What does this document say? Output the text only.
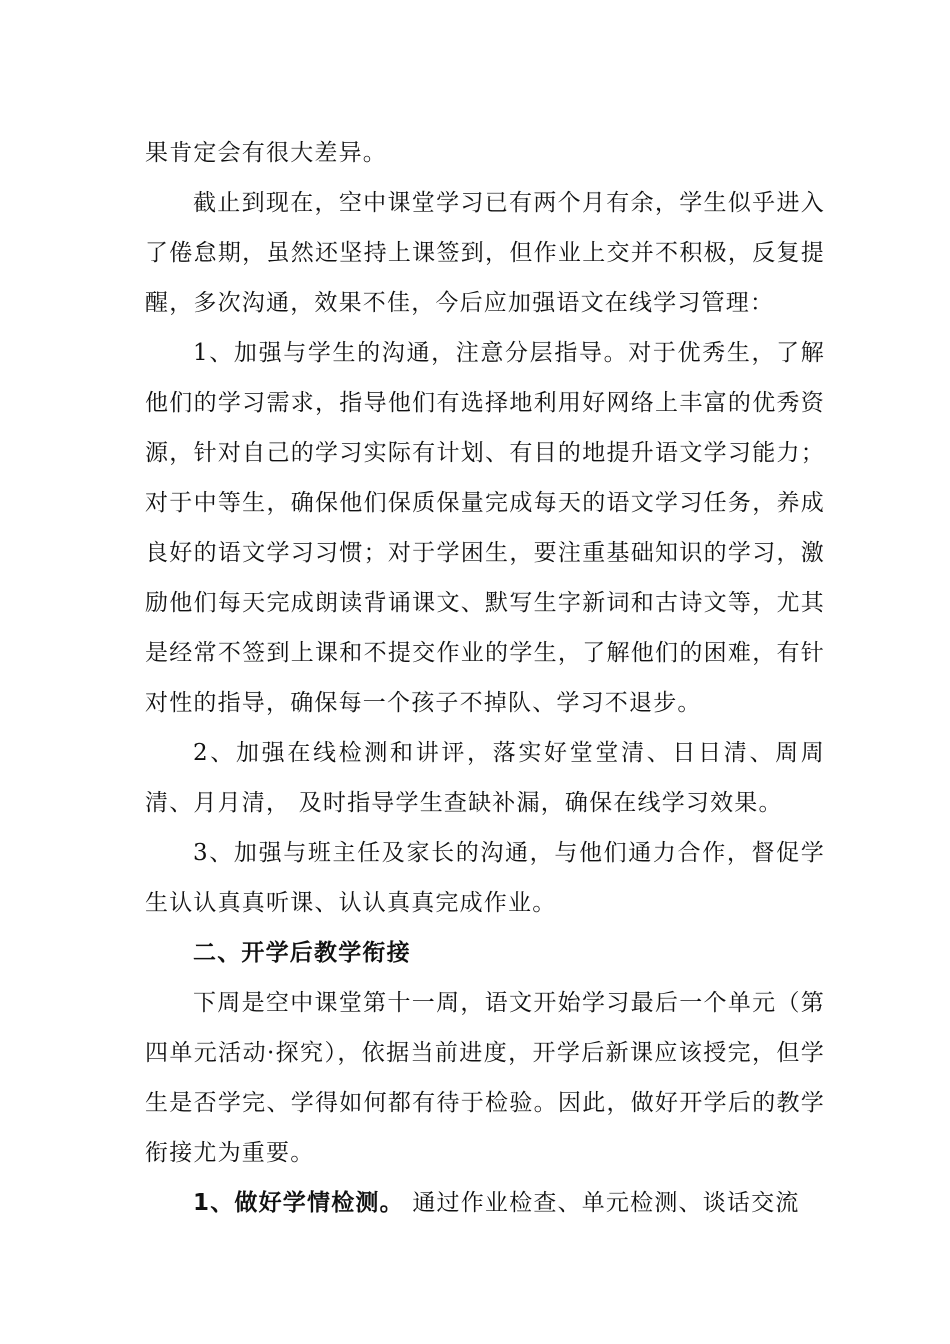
果肯定会有很大差异。

截止到现在，空中课堂学习已有两个月有余，学生似乎进入了倦怠期，虽然还坚持上课签到，但作业上交并不积极，反复提醒，多次沟通，效果不佳，今后应加强语文在线学习管理：

1、加强与学生的沟通，注意分层指导。对于优秀生，了解他们的学习需求，指导他们有选择地利用好网络上丰富的优秀资源，针对自己的学习实际有计划、有目的地提升语文学习能力；对于中等生，确保他们保质保量完成每天的语文学习任务，养成良好的语文学习习惯；对于学困生，要注重基础知识的学习，激励他们每天完成朗读背诵课文、默写生字新词和古诗文等，尤其是经常不签到上课和不提交作业的学生，了解他们的困难，有针对性的指导，确保每一个孩子不掉队、学习不退步。

2、加强在线检测和讲评，落实好堂堂清、日日清、周周清、月月清， 及时指导学生查缺补漏，确保在线学习效果。

3、加强与班主任及家长的沟通，与他们通力合作，督促学生认认真真听课、认认真真完成作业。

二、开学后教学衔接

下周是空中课堂第十一周，语文开始学习最后一个单元（第四单元活动·探究），依据当前进度，开学后新课应该授完，但学生是否学完、学得如何都有待于检验。因此，做好开学后的教学衔接尤为重要。

1、做好学情检测。 通过作业检查、单元检测、谈话交流
